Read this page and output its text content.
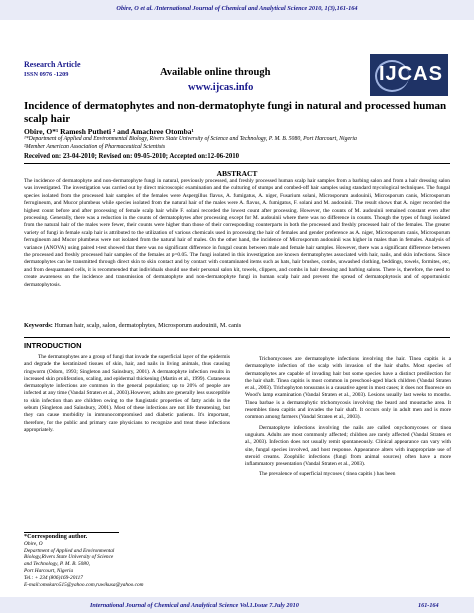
Obire, O et al. /International Journal of Chemical and Analytical Science 2010, 1(3),161-164
Research Article
ISSN 0976 -1209	Available online through
www.ijcas.info
IJCAS
Incidence of dermatophytes and non-dermatophyte fungi in natural and processed human scalp hair
Obire, O*¹ Ramesh Putheti ² and Amachree Otomba¹
¹*Department of Applied and Environmental Biology, Rivers State University of Science and Technology, P. M. B. 5080, Port Harcourt, Nigeria
²Member American Association of Pharmaceutical Scientists
Received on: 23-04-2010; Revised on: 09-05-2010; Accepted on:12-06-2010
ABSTRACT
The incidence of dermatophyte and non-dermatophyte fungi in natural, previously processed, and freshly processed human scalp hair samples from a barbing salon and from a hair dressing salon was investigated. The investigation was carried out by direct microscopic examination and the culturing of stumps and combed-off hair samples using standard mycological techniques. The fungal species isolated from the processed hair samples of the females were Aspergillus flavus, A. fumigatus, A. niger, Fusarium solani, Microsporum audouinii, Microsporum canis, Microsporum ferrugineum, and Mucor plumbeus while species isolated from the natural hair of the males were A. flavus, A. fumigatus, F. solani and M. audouinii. The result shows that A. niger recorded the highest count before and after processing of female scalp hair while F. solani recorded the lowest count after processing. However, the counts of M. audouinii remained constant even after processing. Generally, there was a reduction in the counts of dermatophytes after processing except for M. audouinii where there was no difference in counts. Though the types of fungi isolated from the natural hair of the males were fewer, their counts were higher than those of their corresponding counterparts in both the processed and freshly processed hair of the females. The greater variety of fungi in female scalp hair is attributed to the utilization of various chemicals used in processing the hair of females and gender preference as A. niger, Microsporum canis, Microsporum ferrugineum and Mucor plumbeus were not isolated from the natural hair of males. On the other hand, the incidence of Microsporum audouinii was higher in males than in females. Analysis of variance (ANOVA) using paired t-test showed that there was no significant difference in fungal counts between male and female hair samples. However, there was a significant difference between the processed and freshly processed hair samples of the females at p=0.05. The fungi isolated in this investigation are known dermatophytes associated with hair, nails, and skin infections. Since dermatophytes can be transmitted through direct skin to skin contact and by contact with contaminated items such as hats, hair brushes, combs, unwashed clothing, beddings, towels, formites, etc, and from desquamated cells, it is recommended that individuals should use their personal salon kit, towels, clippers, and combs in hair dressing and barbing salons. There is, therefore, the need to create awareness on the incidence and transmission of dermatophyte and non-dermatophyte fungi in human scalp hair and prevent the spread of dermatophytosis and of opportunistic dermatophytosis.
Keywords: Human hair, scalp, salon, dermatophytes, Microsporum audouinii, M. canis
INTRODUCTION

The dermatophytes are a group of fungi that invade the superficial layer of the epidermis and degrade the keratinized tissues of skin, hair, and nails in living animals, thus causing ringworm (Odom, 1993; Singleton and Sainsbury, 2001). A dermatophyte infection results in increased skin proliferation, scaling, and epidermal thickening (Martin et al., 1999). Cutaneous dermatophyte infections are common in the general population; up to 20% of people are infected at any time (Vandal Straten et al., 2003).However, adults are generally less susceptible to skin infection than are children owing to the fungistatic properties of fatty acids in the sebum (Singleton and Sainsbury, 2001). Most of these infections are not life threatening, but they can cause morbidity in immunocompromised and diabetic patients. It's important, therefore, for the public and primary care physicians to recognize and treat these infections appropriately.

Trichomycoses are dermatophyte infections involving the hair. Tinea capitis is a dermatophyte infection of the scalp with invasion of the hair shafts. Most species of dermatophytes are capable of invading hair but some species have a distinct predilection for the hair shaft. Tinea capitis is most common in preschool-aged black children (Vandal Straten et al., 2003). Trichophyton tonsurans is a causative agent in most cases; it does not fluoresce on Wood's lamp examination (Vandal Straten et al., 2003). Lesions usually last weeks to months. Tinea barbae is a dermatophytic trichomycosis involving the beard and moustache area. It resembles tinea capitis and invades the hair shaft. It occurs only in adult men and is more common among farmers (Vandal Straten et al., 2003).

Dermatophyte infections involving the nails are called onychomycoses or tinea unguium. Adults are most commonly affected; children are rarely affected (Vandal Straten et al., 2003). Infection does not usually remit spontaneously. Clinical appearance can vary with site, fungal species involved, and host response. Appearance alters with inappropriate use of steroid creams. Zoophilic infections (fungi from animal sources) often have a more inflammatory presentation (Vandal Straten et al., 2003).

The prevalence of superficial mycoses ( tinea capitis ) has been

*Corresponding author.
Obire, O
Department of Applied and Environmental
Biology,Rivers State University of Science
and Technology, P. M. B. 5080,
Port Harcourt, Nigeria
Tel.: + 234 (806)169-20117
E-mail:omokaro515@yahoo.com,ruwikusa@yahoo.com
International Journal of Chemical and Analytical Science Vol.1.Issue 7.July 2010	161-164
